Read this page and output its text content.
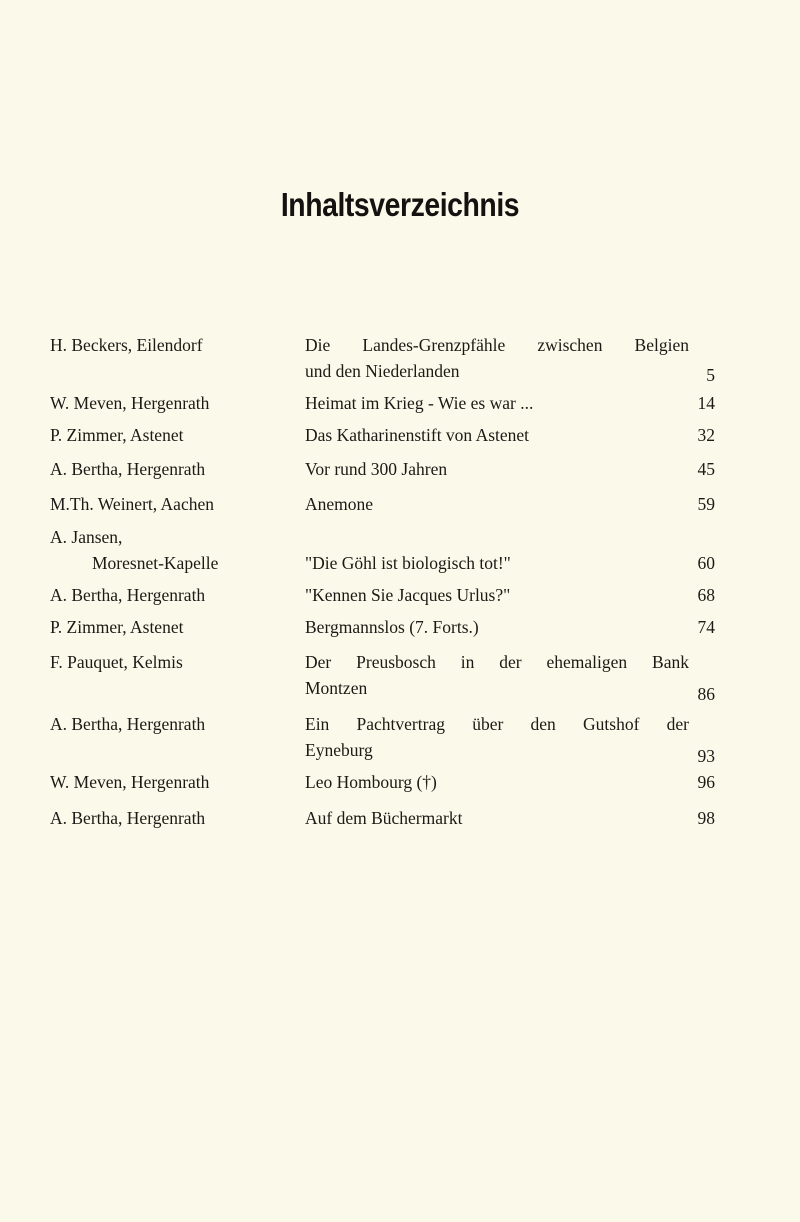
Inhaltsverzeichnis
H. Beckers, Eilendorf	Die Landes-Grenzpfähle zwischen Belgien
und den Niederlanden	5
W. Meven, Hergenrath	Heimat im Krieg - Wie es war ...	14
P. Zimmer, Astenet	Das Katharinenstift von Astenet	32
A. Bertha, Hergenrath	Vor rund 300 Jahren	45
M.Th. Weinert, Aachen	Anemone	59
A. Jansen,
Moresnet-Kapelle	"Die Göhl ist biologisch tot!"	60
A. Bertha, Hergenrath	"Kennen Sie Jacques Urlus?"	68
P. Zimmer, Astenet	Bergmannslos (7. Forts.)	74
F. Pauquet, Kelmis	Der Preusbosch in der ehemaligen Bank
Montzen	86
A. Bertha, Hergenrath	Ein Pachtvertrag über den Gutshof der
Eyneburg	93
W. Meven, Hergenrath	Leo Hombourg (†)	96
A. Bertha, Hergenrath	Auf dem Büchermarkt	98
